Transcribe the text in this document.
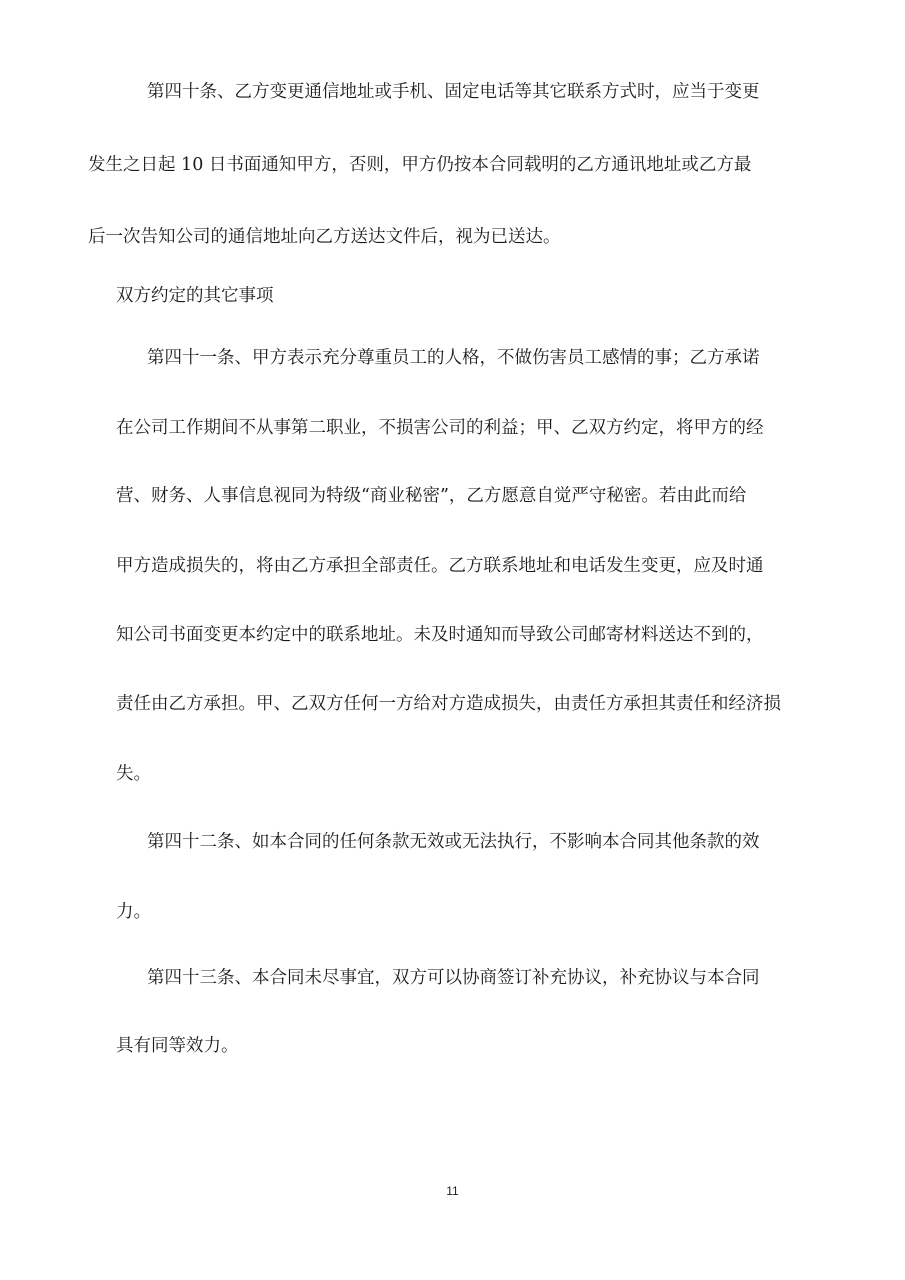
第四十条、乙方变更通信地址或手机、固定电话等其它联系方式时，应当于变更
发生之日起 10 日书面通知甲方，否则，甲方仍按本合同载明的乙方通讯地址或乙方最
后一次告知公司的通信地址向乙方送达文件后，视为已送达。
双方约定的其它事项
第四十一条、甲方表示充分尊重员工的人格，不做伤害员工感情的事；乙方承诺
在公司工作期间不从事第二职业，不损害公司的利益；甲、乙双方约定，将甲方的经
营、财务、人事信息视同为特级“商业秘密”，乙方愿意自觉严守秘密。若由此而给
甲方造成损失的，将由乙方承担全部责任。乙方联系地址和电话发生变更，应及时通
知公司书面变更本约定中的联系地址。未及时通知而导致公司邮寄材料送达不到的，
责任由乙方承担。甲、乙双方任何一方给对方造成损失，由责任方承担其责任和经济损
失。
第四十二条、如本合同的任何条款无效或无法执行，不影响本合同其他条款的效
力。
第四十三条、本合同未尽事宜，双方可以协商签订补充协议，补充协议与本合同
具有同等效力。
11
